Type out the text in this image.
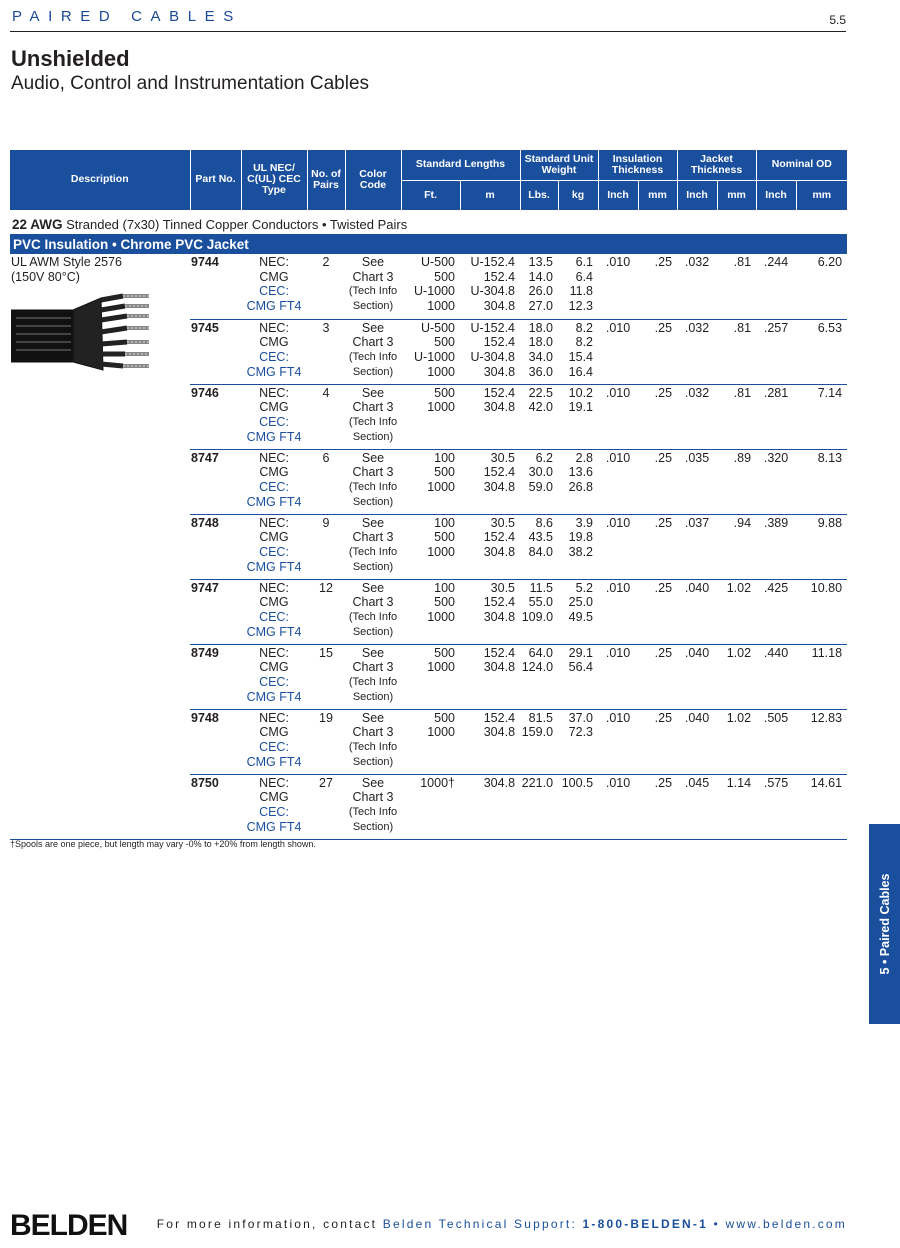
PAIRED CABLES	5.5
Unshielded
Audio, Control and Instrumentation Cables
Description	Part No.	UL NEC/ C(UL) CEC Type	No. of Pairs	Color Code	Standard Lengths		Standard Unit Weight		Insulation Thickness		Jacket Thickness		Nominal OD	
					Ft.	m	Lbs.	kg	Inch	mm	Inch	mm	Inch	mm
22 AWG Stranded (7x30) Tinned Copper Conductors • Twisted Pairs														
PVC Insulation • Chrome PVC Jacket														

UL AWM Style 2576
(150V 80°C)	9744	NEC:
CMG
CEC:
CMG FT4	2	See
Chart 3
(Tech Info
Section)	U-500
500
U-1000
1000	U-152.4
152.4
U-304.8
304.8	13.5
14.0
26.0
27.0	6.1
6.4
11.8
12.3	.010	.25	.032	.81	.244	6.20
	9745	NEC:
CMG
CEC:
CMG FT4	3	See
Chart 3
(Tech Info
Section)	U-500
500
U-1000
1000	U-152.4
152.4
U-304.8
304.8	18.0
18.0
34.0
36.0	8.2
8.2
15.4
16.4	.010	.25	.032	.81	.257	6.53
	9746	NEC:
CMG
CEC:
CMG FT4	4	See
Chart 3
(Tech Info
Section)	500
1000	152.4
304.8	22.5
42.0	10.2
19.1	.010	.25	.032	.81	.281	7.14
	8747	NEC:
CMG
CEC:
CMG FT4	6	See
Chart 3
(Tech Info
Section)	100
500
1000	30.5
152.4
304.8	6.2
30.0
59.0	2.8
13.6
26.8	.010	.25	.035	.89	.320	8.13
	8748	NEC:
CMG
CEC:
CMG FT4	9	See
Chart 3
(Tech Info
Section)	100
500
1000	30.5
152.4
304.8	8.6
43.5
84.0	3.9
19.8
38.2	.010	.25	.037	.94	.389	9.88
	9747	NEC:
CMG
CEC:
CMG FT4	12	See
Chart 3
(Tech Info
Section)	100
500
1000	30.5
152.4
304.8	11.5
55.0
109.0	5.2
25.0
49.5	.010	.25	.040	1.02	.425	10.80
	8749	NEC:
CMG
CEC:
CMG FT4	15	See
Chart 3
(Tech Info
Section)	500
1000	152.4
304.8	64.0
124.0	29.1
56.4	.010	.25	.040	1.02	.440	11.18
	9748	NEC:
CMG
CEC:
CMG FT4	19	See
Chart 3
(Tech Info
Section)	500
1000	152.4
304.8	81.5
159.0	37.0
72.3	.010	.25	.040	1.02	.505	12.83
	8750	NEC:
CMG
CEC:
CMG FT4	27	See
Chart 3
(Tech Info
Section)	1000†	304.8	221.0	100.5	.010	.25	.045	1.14	.575	14.61
†Spools are one piece, but length may vary -0% to +20% from length shown.
5 • Paired Cables
BELDEN For more information, contact Belden Technical Support: 1-800-BELDEN-1 • www.belden.com
